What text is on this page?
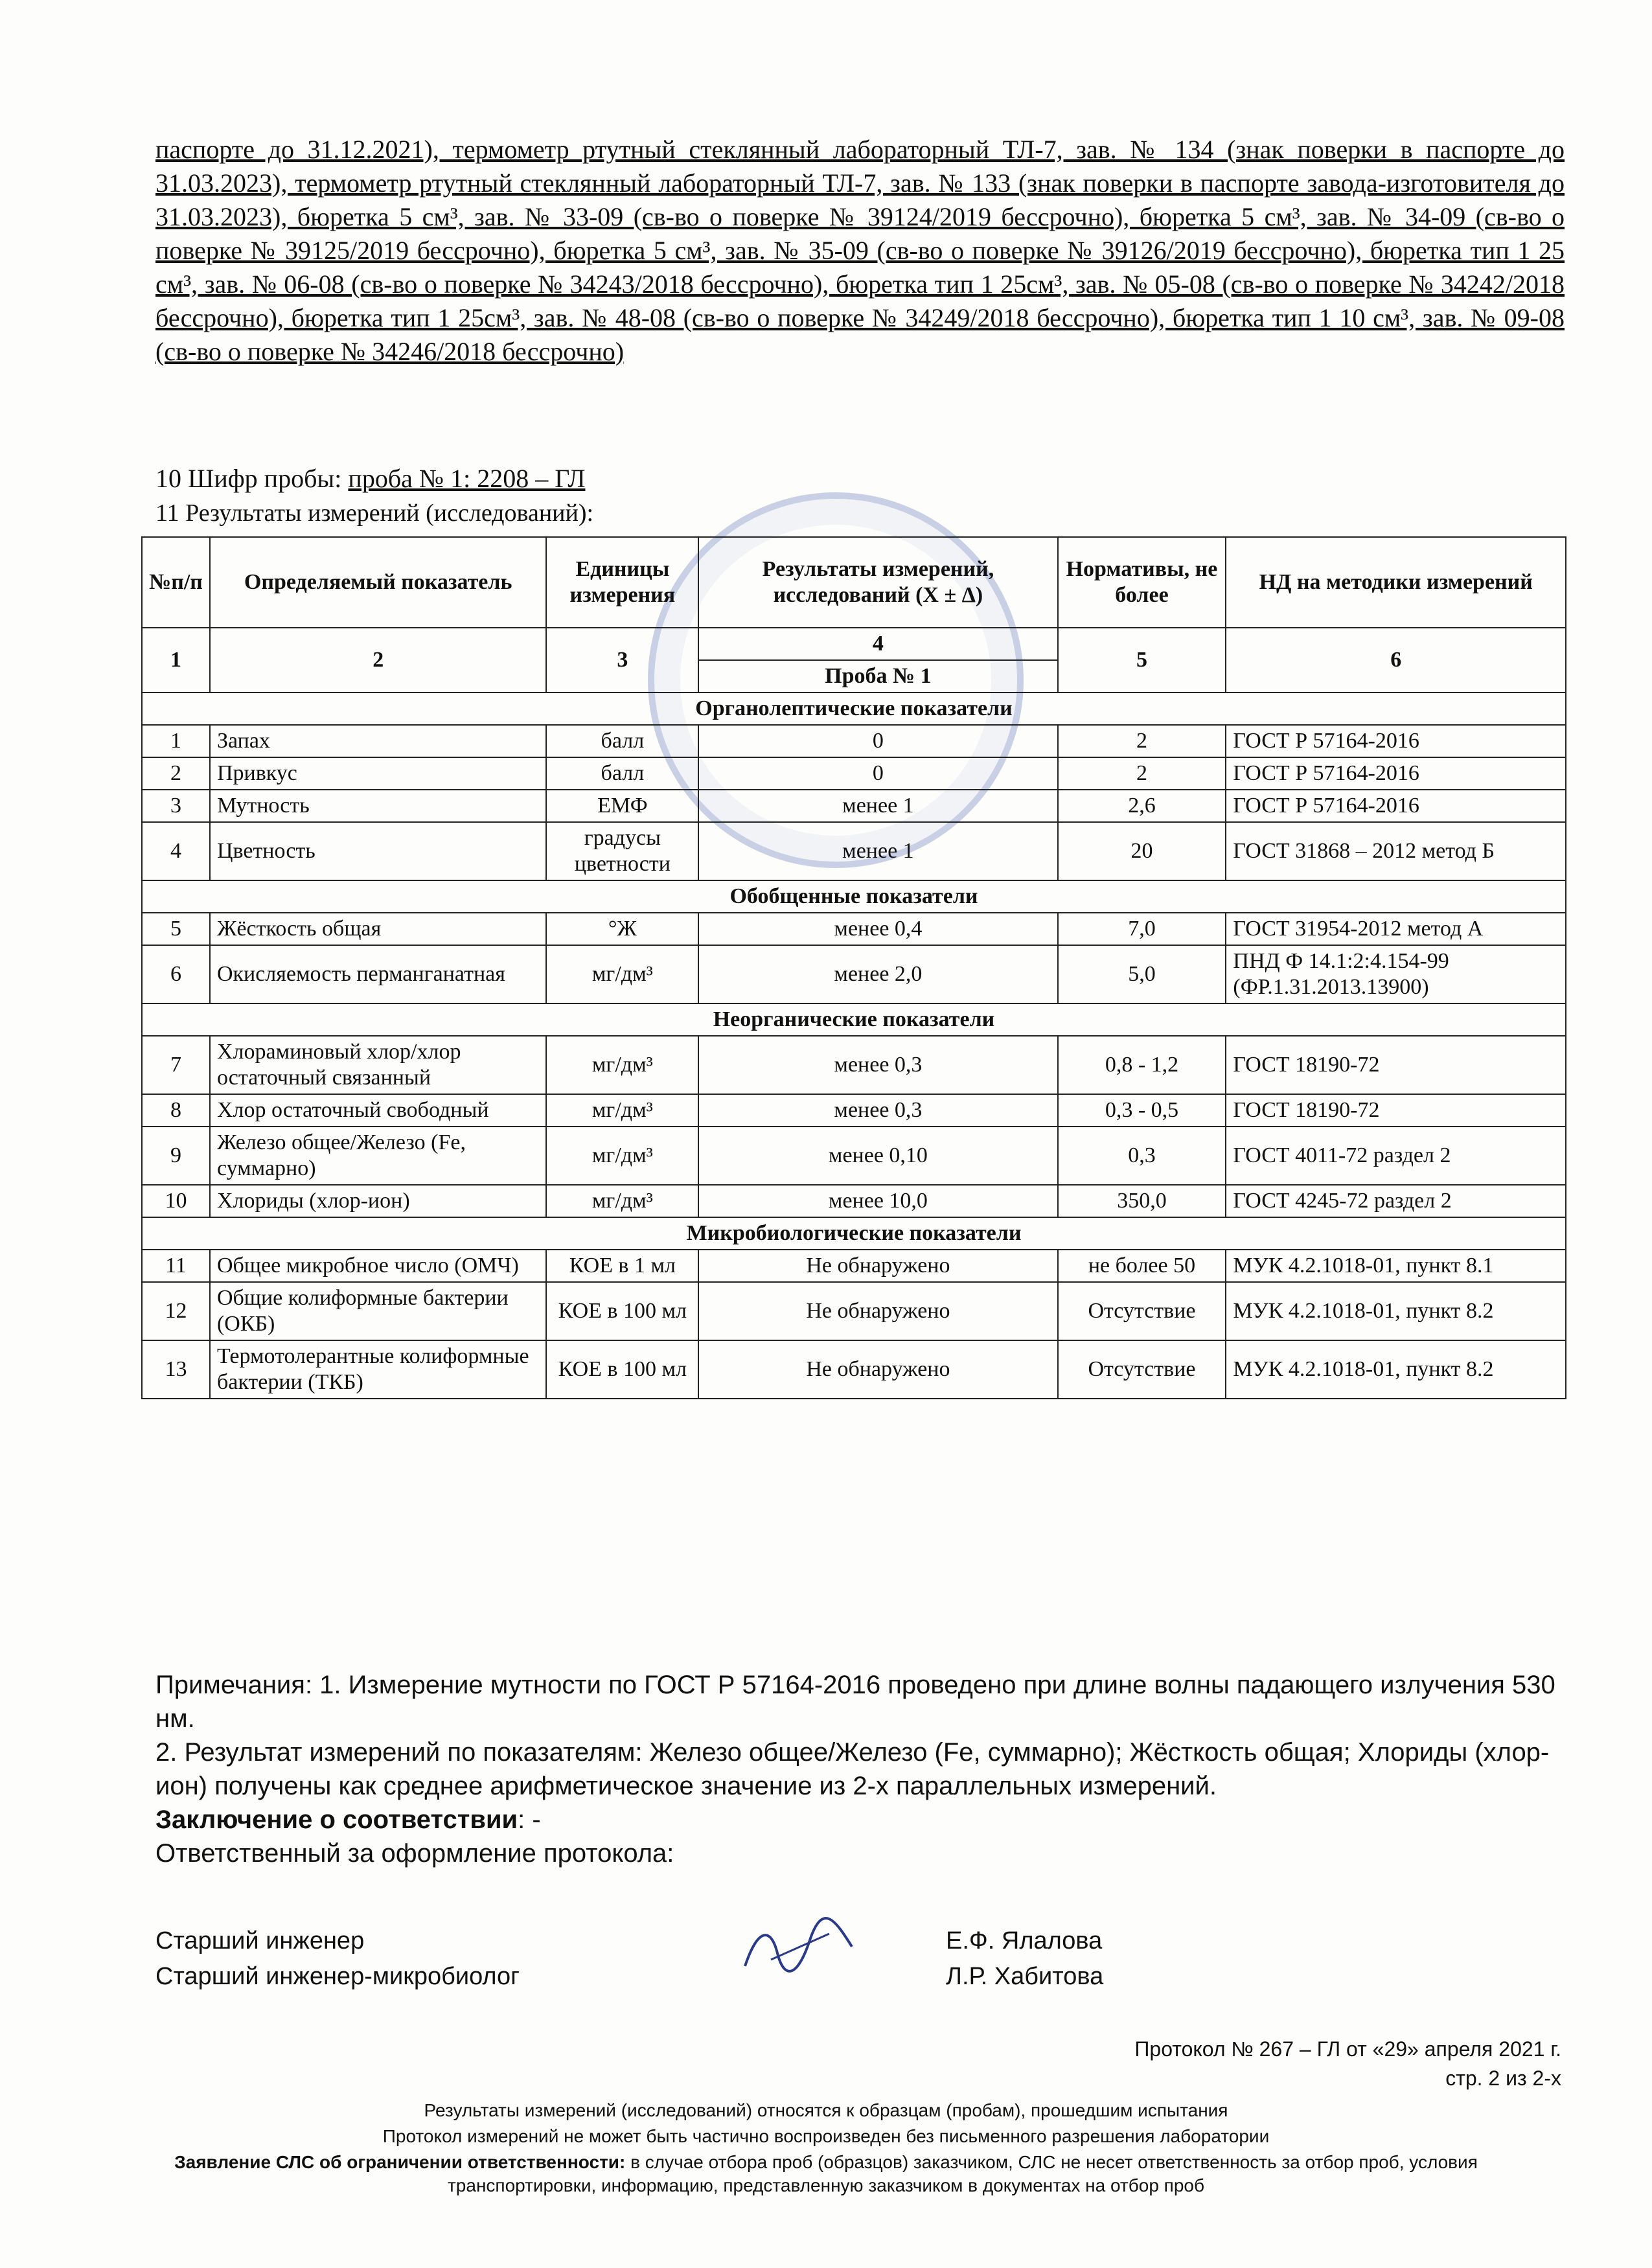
паспорте до 31.12.2021), термометр ртутный стеклянный лабораторный ТЛ-7, зав. № 134 (знак поверки в паспорте до 31.03.2023), термометр ртутный стеклянный лабораторный ТЛ-7, зав. № 133 (знак поверки в паспорте завода-изготовителя до 31.03.2023), бюретка 5 см³, зав. № 33-09 (св-во о поверке № 39124/2019 бессрочно), бюретка 5 см³, зав. № 34-09 (св-во о поверке № 39125/2019 бессрочно), бюретка 5 см³, зав. № 35-09 (св-во о поверке № 39126/2019 бессрочно), бюретка тип 1 25 см³, зав. № 06-08 (св-во о поверке № 34243/2018 бессрочно), бюретка тип 1 25см³, зав. № 05-08 (св-во о поверке № 34242/2018 бессрочно), бюретка тип 1 25см³, зав. № 48-08 (св-во о поверке № 34249/2018 бессрочно), бюретка тип 1 10 см³, зав. № 09-08 (св-во о поверке № 34246/2018 бессрочно)
10 Шифр пробы: проба № 1: 2208 – ГЛ
11 Результаты измерений (исследований):
№п/п	Определяемый показатель	Единицы измерения	Результаты измерений, исследований (Х ± Δ)	Нормативы, не более	НД на методики измерений
1	2	3	4	5	6
			Проба № 1		
Органолептические показатели					
1	Запах	балл	0	2	ГОСТ Р 57164-2016
2	Привкус	балл	0	2	ГОСТ Р 57164-2016
3	Мутность	ЕМФ	менее 1	2,6	ГОСТ Р 57164-2016
4	Цветность	градусы цветности	менее 1	20	ГОСТ 31868 – 2012 метод Б
Обобщенные показатели					
5	Жёсткость общая	°Ж	менее 0,4	7,0	ГОСТ 31954-2012 метод А
6	Окисляемость перманганатная	мг/дм³	менее 2,0	5,0	ПНД Ф 14.1:2:4.154-99 (ФР.1.31.2013.13900)
Неорганические показатели					
7	Хлораминовый хлор/хлор остаточный связанный	мг/дм³	менее 0,3	0,8 - 1,2	ГОСТ 18190-72
8	Хлор остаточный свободный	мг/дм³	менее 0,3	0,3 - 0,5	ГОСТ 18190-72
9	Железо общее/Железо (Fe, суммарно)	мг/дм³	менее 0,10	0,3	ГОСТ 4011-72 раздел 2
10	Хлориды (хлор-ион)	мг/дм³	менее 10,0	350,0	ГОСТ 4245-72 раздел 2
Микробиологические показатели					
11	Общее микробное число (ОМЧ)	КОЕ в 1 мл	Не обнаружено	не более 50	МУК 4.2.1018-01, пункт 8.1
12	Общие колиформные бактерии (ОКБ)	КОЕ в 100 мл	Не обнаружено	Отсутствие	МУК 4.2.1018-01, пункт 8.2
13	Термотолерантные колиформные бактерии (ТКБ)	КОЕ в 100 мл	Не обнаружено	Отсутствие	МУК 4.2.1018-01, пункт 8.2

Примечания: 1. Измерение мутности по ГОСТ Р 57164-2016 проведено при длине волны падающего излучения 530 нм.

2. Результат измерений по показателям: Железо общее/Железо (Fe, суммарно); Жёсткость общая; Хлориды (хлор-ион) получены как среднее арифметическое значение из 2-х параллельных измерений.

Заключение о соответствии: -

Ответственный за оформление протокола:

Старший инженер	Е.Ф. Ялалова
Старший инженер-микробиолог	Л.Р. Хабитова
Протокол № 267 – ГЛ от «29» апреля 2021 г.
стр. 2 из 2-х
Результаты измерений (исследований) относятся к образцам (пробам), прошедшим испытания
Протокол измерений не может быть частично воспроизведен без письменного разрешения лаборатории
Заявление СЛС об ограничении ответственности: в случае отбора проб (образцов) заказчиком, СЛС не несет ответственность за отбор проб, условия транспортировки, информацию, представленную заказчиком в документах на отбор проб
